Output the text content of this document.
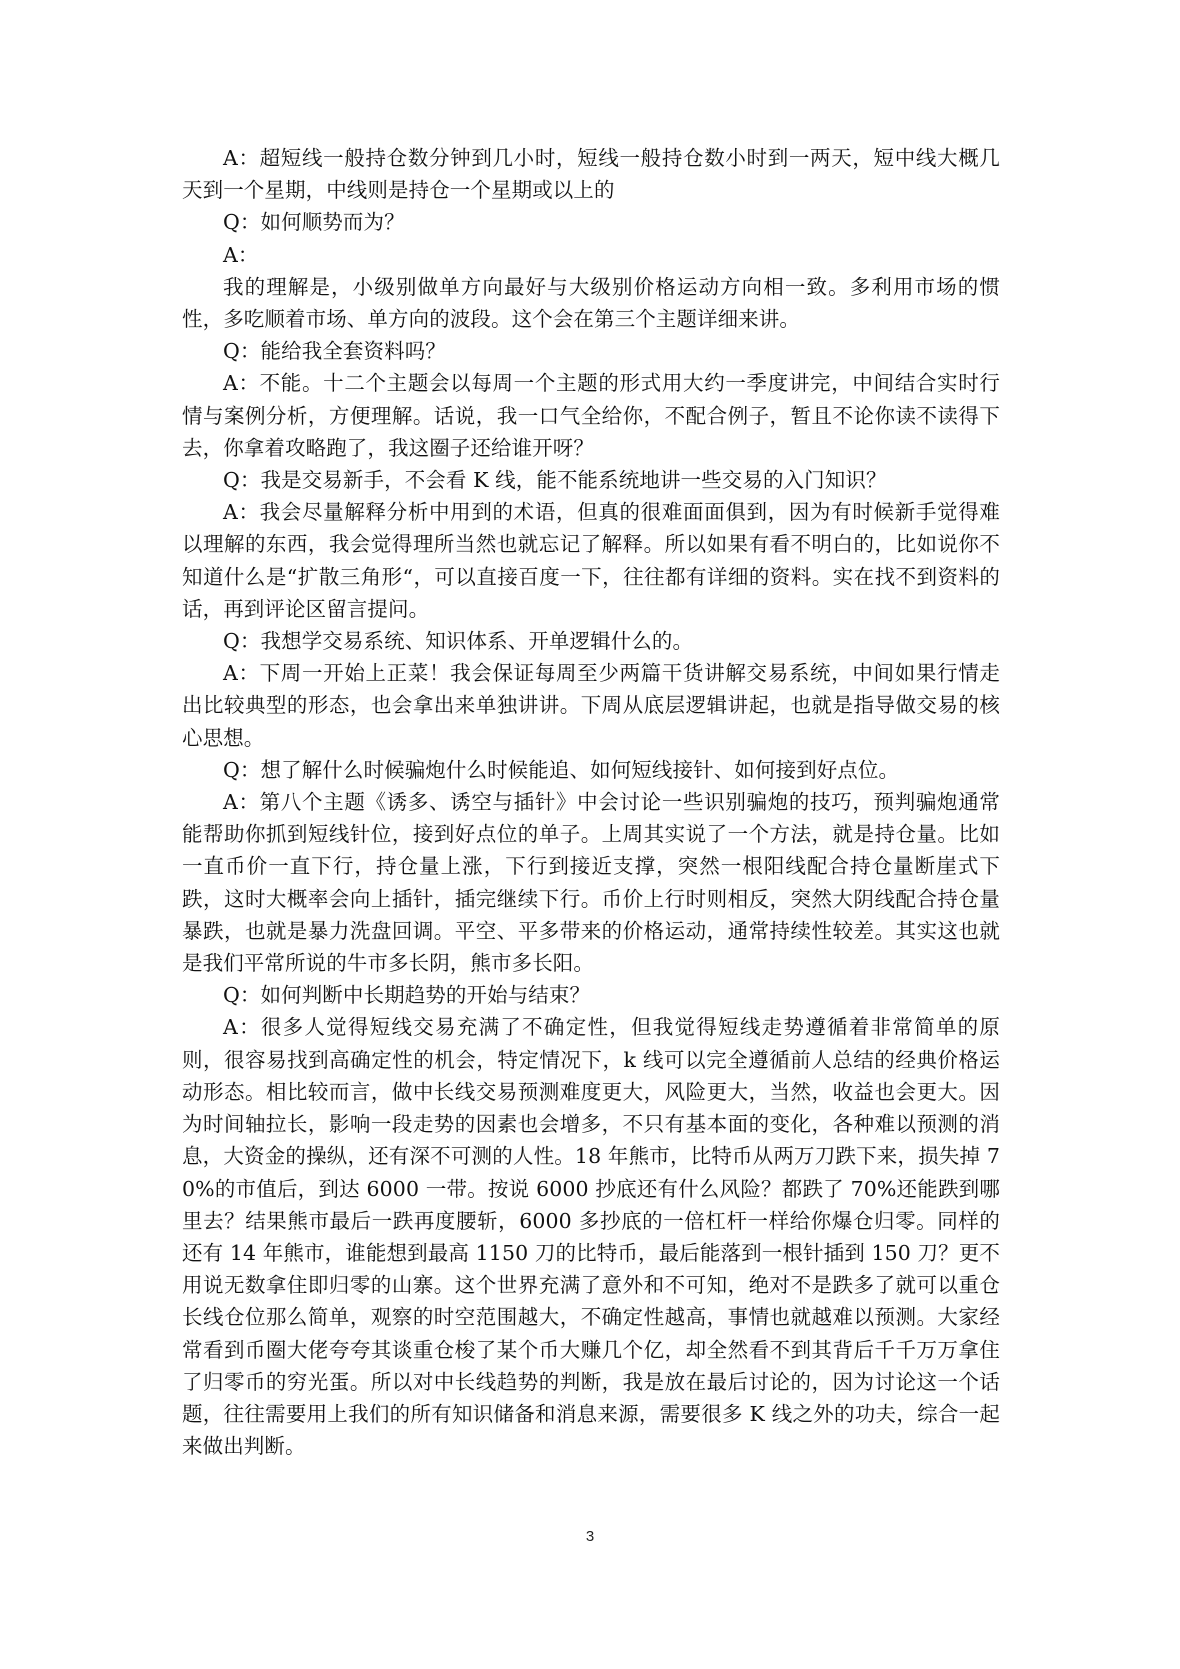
A：超短线一般持仓数分钟到几小时，短线一般持仓数小时到一两天，短中线大概几天到一个星期，中线则是持仓一个星期或以上的

Q：如何顺势而为？

A：

我的理解是，小级别做单方向最好与大级别价格运动方向相一致。多利用市场的惯性，多吃顺着市场、单方向的波段。这个会在第三个主题详细来讲。

Q：能给我全套资料吗？

A：不能。十二个主题会以每周一个主题的形式用大约一季度讲完，中间结合实时行情与案例分析，方便理解。话说，我一口气全给你，不配合例子，暂且不论你读不读得下去，你拿着攻略跑了，我这圈子还给谁开呀？

Q：我是交易新手，不会看 K 线，能不能系统地讲一些交易的入门知识？

A：我会尽量解释分析中用到的术语，但真的很难面面俱到，因为有时候新手觉得难以理解的东西，我会觉得理所当然也就忘记了解释。所以如果有看不明白的，比如说你不知道什么是“扩散三角形“，可以直接百度一下，往往都有详细的资料。实在找不到资料的话，再到评论区留言提问。

Q：我想学交易系统、知识体系、开单逻辑什么的。

A：下周一开始上正菜！我会保证每周至少两篇干货讲解交易系统，中间如果行情走出比较典型的形态，也会拿出来单独讲讲。下周从底层逻辑讲起，也就是指导做交易的核心思想。

Q：想了解什么时候骗炮什么时候能追、如何短线接针、如何接到好点位。

A：第八个主题《诱多、诱空与插针》中会讨论一些识别骗炮的技巧，预判骗炮通常能帮助你抓到短线针位，接到好点位的单子。上周其实说了一个方法，就是持仓量。比如一直币价一直下行，持仓量上涨，下行到接近支撑，突然一根阳线配合持仓量断崖式下跌，这时大概率会向上插针，插完继续下行。币价上行时则相反，突然大阴线配合持仓量暴跌，也就是暴力洗盘回调。平空、平多带来的价格运动，通常持续性较差。其实这也就是我们平常所说的牛市多长阴，熊市多长阳。

Q：如何判断中长期趋势的开始与结束？

A：很多人觉得短线交易充满了不确定性，但我觉得短线走势遵循着非常简单的原则，很容易找到高确定性的机会，特定情况下，k 线可以完全遵循前人总结的经典价格运动形态。相比较而言，做中长线交易预测难度更大，风险更大，当然，收益也会更大。因为时间轴拉长，影响一段走势的因素也会增多，不只有基本面的变化，各种难以预测的消息，大资金的操纵，还有深不可测的人性。18 年熊市，比特币从两万刀跌下来，损失掉 70%的市值后，到达 6000 一带。按说 6000 抄底还有什么风险？都跌了 70%还能跌到哪里去？结果熊市最后一跌再度腰斩，6000 多抄底的一倍杠杆一样给你爆仓归零。同样的还有 14 年熊市，谁能想到最高 1150 刀的比特币，最后能落到一根针插到 150 刀？更不用说无数拿住即归零的山寨。这个世界充满了意外和不可知，绝对不是跌多了就可以重仓长线仓位那么简单，观察的时空范围越大，不确定性越高，事情也就越难以预测。大家经常看到币圈大佬夸夸其谈重仓梭了某个币大赚几个亿，却全然看不到其背后千千万万拿住了归零币的穷光蛋。所以对中长线趋势的判断，我是放在最后讨论的，因为讨论这一个话题，往往需要用上我们的所有知识储备和消息来源，需要很多 K 线之外的功夫，综合一起来做出判断。

3
